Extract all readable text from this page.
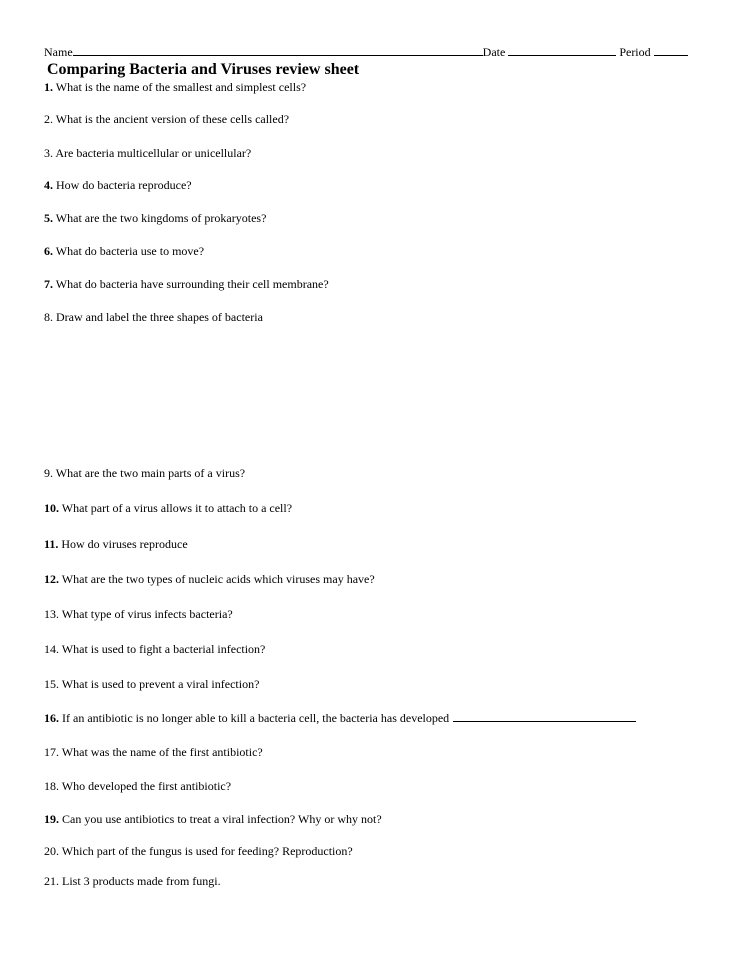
Name	Date	Period
Comparing Bacteria and Viruses review sheet
1. What is the name of the smallest and simplest cells?
2. What is the ancient version of these cells called?
3. Are bacteria multicellular or unicellular?
4. How do bacteria reproduce?
5. What are the two kingdoms of prokaryotes?
6. What do bacteria use to move?
7. What do bacteria have surrounding their cell membrane?
8. Draw and label the three shapes of bacteria
9. What are the two main parts of a virus?
10. What part of a virus allows it to attach to a cell?
11. How do viruses reproduce
12. What are the two types of nucleic acids which viruses may have?
13. What type of virus infects bacteria?
14. What is used to fight a bacterial infection?
15. What is used to prevent a viral infection?
16. If an antibiotic is no longer able to kill a bacteria cell, the bacteria has developed
17. What was the name of the first antibiotic?
18. Who developed the first antibiotic?
19. Can you use antibiotics to treat a viral infection? Why or why not?
20. Which part of the fungus is used for feeding? Reproduction?
21. List 3 products made from fungi.
